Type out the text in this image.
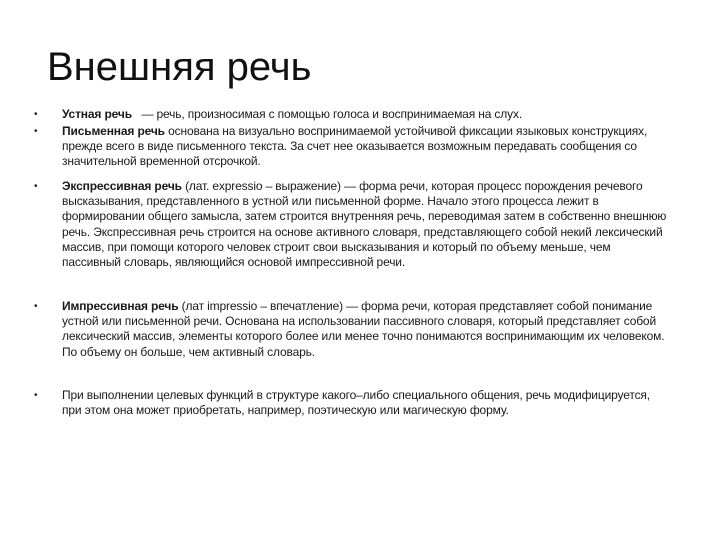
Внешняя речь
• Устная речь — речь, произносимая с помощью голоса и воспринимаемая на слух.
• Письменная речь основана на визуально воспринимаемой устойчивой фиксации языковых конструкциях, прежде всего в виде письменного текста. За счет нее оказывается возможным передавать сообщения со значительной временной отсрочкой.
• Экспрессивная речь (лат. expressio – выражение) — форма речи, которая процесс порождения речевого высказывания, представленного в устной или письменной форме. Начало этого процесса лежит в формировании общего замысла, затем строится внутренняя речь, переводимая затем в собственно внешнюю речь. Экспрессивная речь строится на основе активного словаря, представляющего собой некий лексический массив, при помощи которого человек строит свои высказывания и который по объему меньше, чем пассивный словарь, являющийся основой импрессивной речи.
• Импрессивная речь (лат impressio – впечатление) — форма речи, которая представляет собой понимание устной или письменной речи. Основана на использовании пассивного словаря, который представляет собой лексический массив, элементы которого более или менее точно понимаются воспринимающим их человеком. По объему он больше, чем активный словарь.
• При выполнении целевых функций в структуре какого–либо специального общения, речь модифицируется, при этом она может приобретать, например, поэтическую или магическую форму.
